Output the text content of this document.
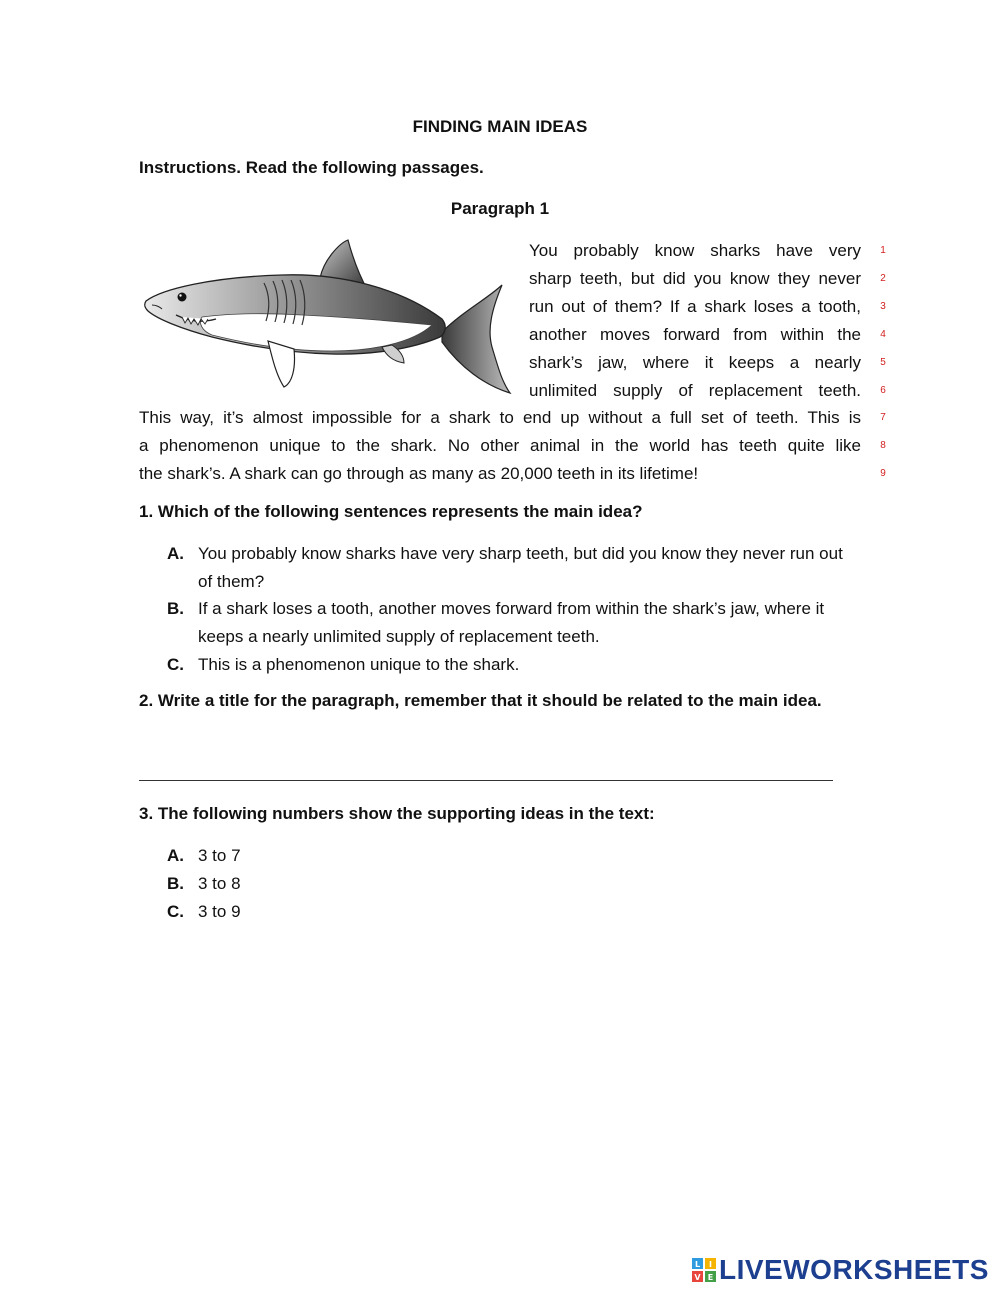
FINDING MAIN IDEAS
Instructions. Read the following passages.
Paragraph 1
You probably know sharks have very
sharp teeth, but did you know they never
run out of them? If a shark loses a tooth,
another moves forward from within the
shark’s jaw, where it keeps a nearly
unlimited supply of replacement teeth.
This way, it’s almost impossible for a shark to end up without a full set of teeth. This is
a phenomenon unique to the shark. No other animal in the world has teeth quite like
the shark’s. A shark can go through as many as 20,000 teeth in its lifetime!
1
2
3
4
5
6
7
8
9
1. Which of the following sentences represents the main idea?
A. You probably know sharks have very sharp teeth, but did you know they never run out of them?
B. If a shark loses a tooth, another moves forward from within the shark’s jaw, where it keeps a nearly unlimited supply of replacement teeth.
C. This is a phenomenon unique to the shark.
2. Write a title for the paragraph, remember that it should be related to the main idea.
3. The following numbers show the supporting ideas in the text:
A. 3 to 7
B. 3 to 8
C. 3 to 9
L I
V E LIVEWORKSHEETS
